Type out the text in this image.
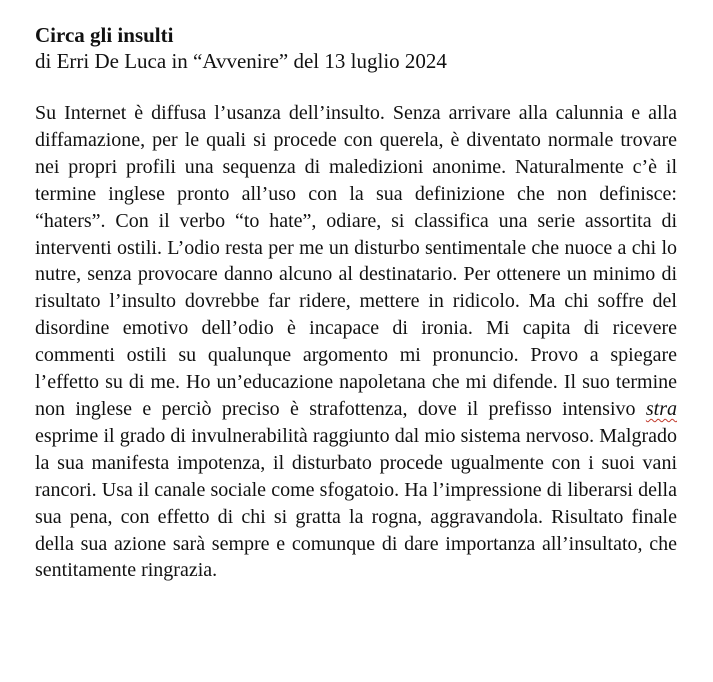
Circa gli insulti
di Erri De Luca in “Avvenire” del 13 luglio 2024
Su Internet è diffusa l’usanza dell’insulto. Senza arrivare alla calunnia e alla diffamazione, per le quali si procede con querela, è diventato normale trovare nei propri profili una sequenza di maledizioni anonime. Naturalmente c’è il termine inglese pronto all’uso con la sua definizione che non definisce: “haters”. Con il verbo “to hate”, odiare, si classifica una serie assortita di interventi ostili. L’odio resta per me un disturbo sentimentale che nuoce a chi lo nutre, senza provocare danno alcuno al destinatario. Per ottenere un minimo di risultato l’insulto dovrebbe far ridere, mettere in ridicolo. Ma chi soffre del disordine emotivo dell’odio è incapace di ironia. Mi capita di ricevere commenti ostili su qualunque argomento mi pronuncio. Provo a spiegare l’effetto su di me. Ho un’educazione napoletana che mi difende. Il suo termine non inglese e perciò preciso è strafottenza, dove il prefisso intensivo stra esprime il grado di invulnerabilità raggiunto dal mio sistema nervoso. Malgrado la sua manifesta impotenza, il disturbato procede ugualmente con i suoi vani rancori. Usa il canale sociale come sfogatoio. Ha l’impressione di liberarsi della sua pena, con effetto di chi si gratta la rogna, aggravandola. Risultato finale della sua azione sarà sempre e comunque di dare importanza all’insultato, che sentitamente ringrazia.
